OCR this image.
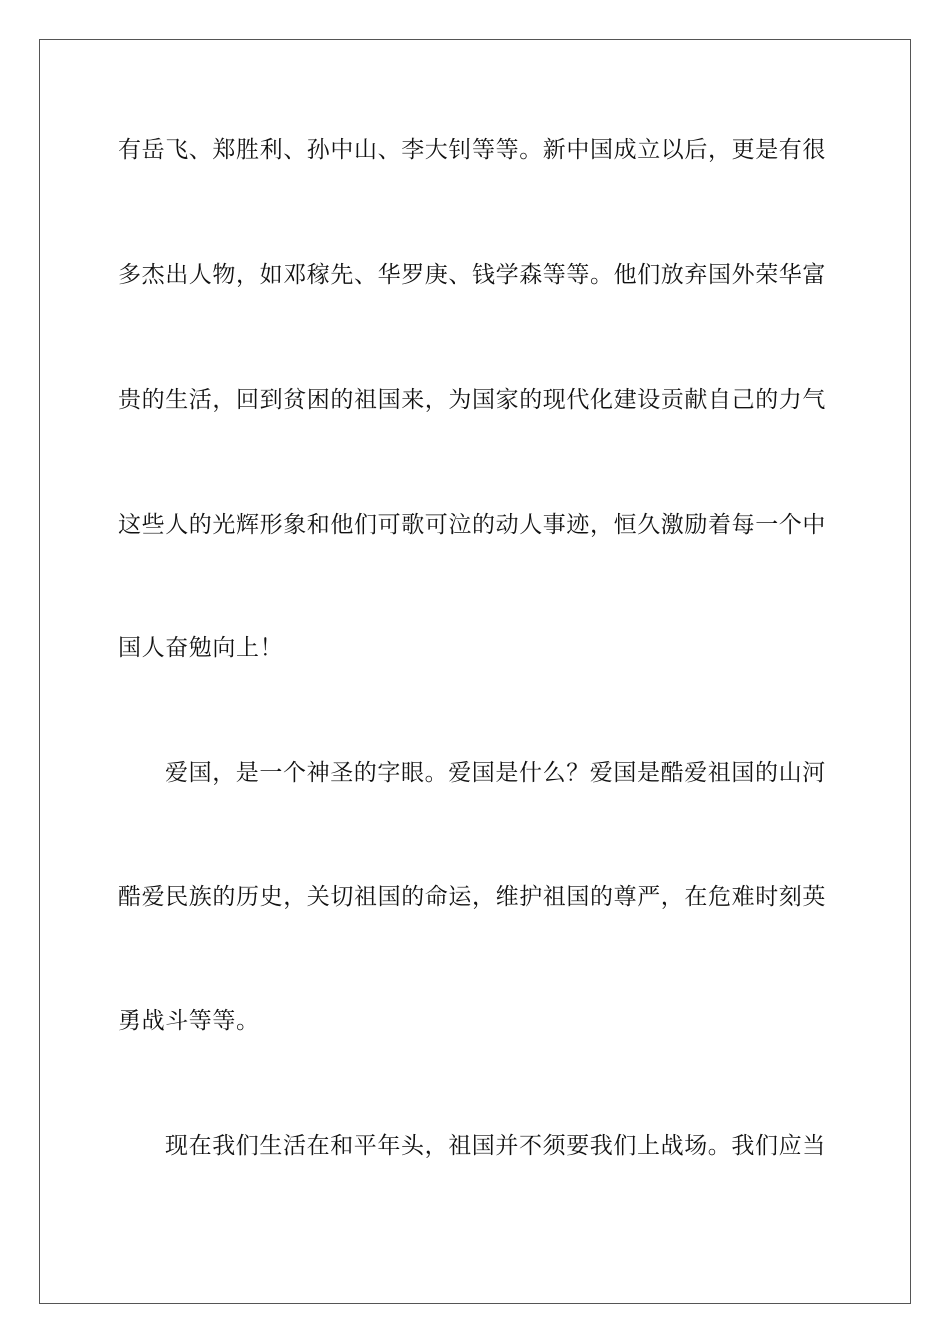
有岳飞、郑胜利、孙中山、李大钊等等。新中国成立以后，更是有很
多杰出人物，如邓稼先、华罗庚、钱学森等等。他们放弃国外荣华富
贵的生活，回到贫困的祖国来，为国家的现代化建设贡献自己的力气
这些人的光辉形象和他们可歌可泣的动人事迹，恒久激励着每一个中
国人奋勉向上！
爱国，是一个神圣的字眼。爱国是什么？爱国是酷爱祖国的山河
酷爱民族的历史，关切祖国的命运，维护祖国的尊严，在危难时刻英
勇战斗等等。
现在我们生活在和平年头，祖国并不须要我们上战场。我们应当
